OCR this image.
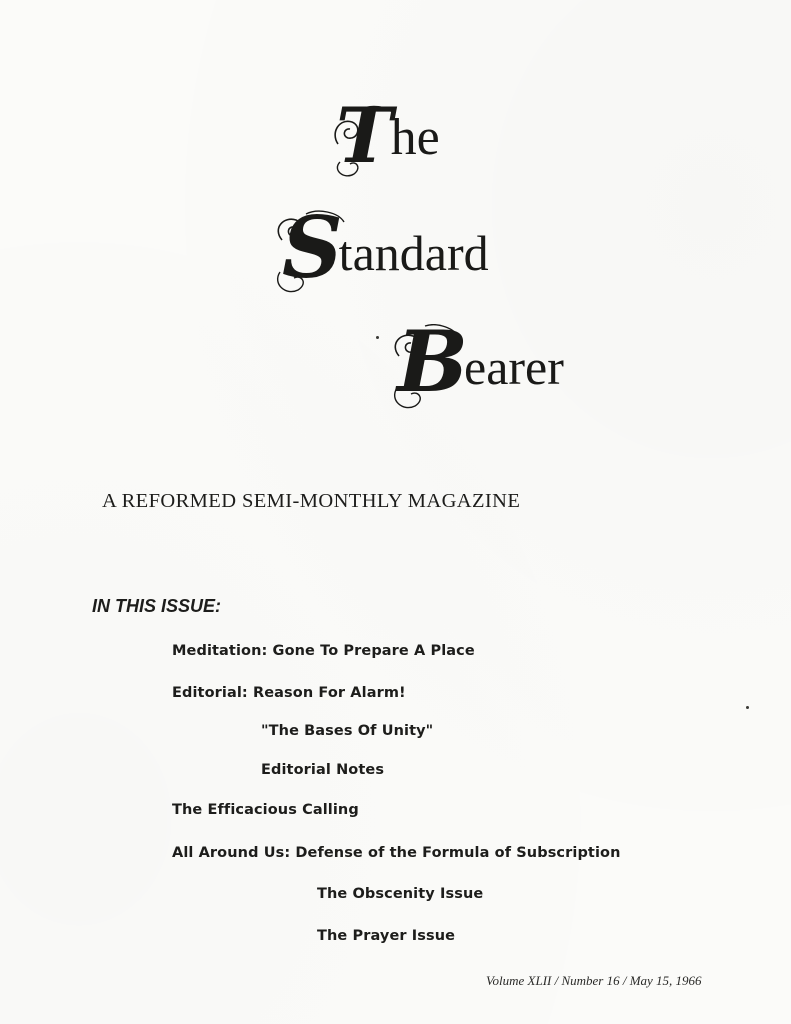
T
he
S
tandard
B
earer
A REFORMED SEMI-MONTHLY MAGAZINE
IN THIS ISSUE:
Meditation: Gone To Prepare A Place
Editorial: Reason For Alarm!
"The Bases Of Unity"
Editorial Notes
The Efficacious Calling
All Around Us: Defense of the Formula of Subscription
The Obscenity Issue
The Prayer Issue
Volume XLII / Number 16 / May 15, 1966
